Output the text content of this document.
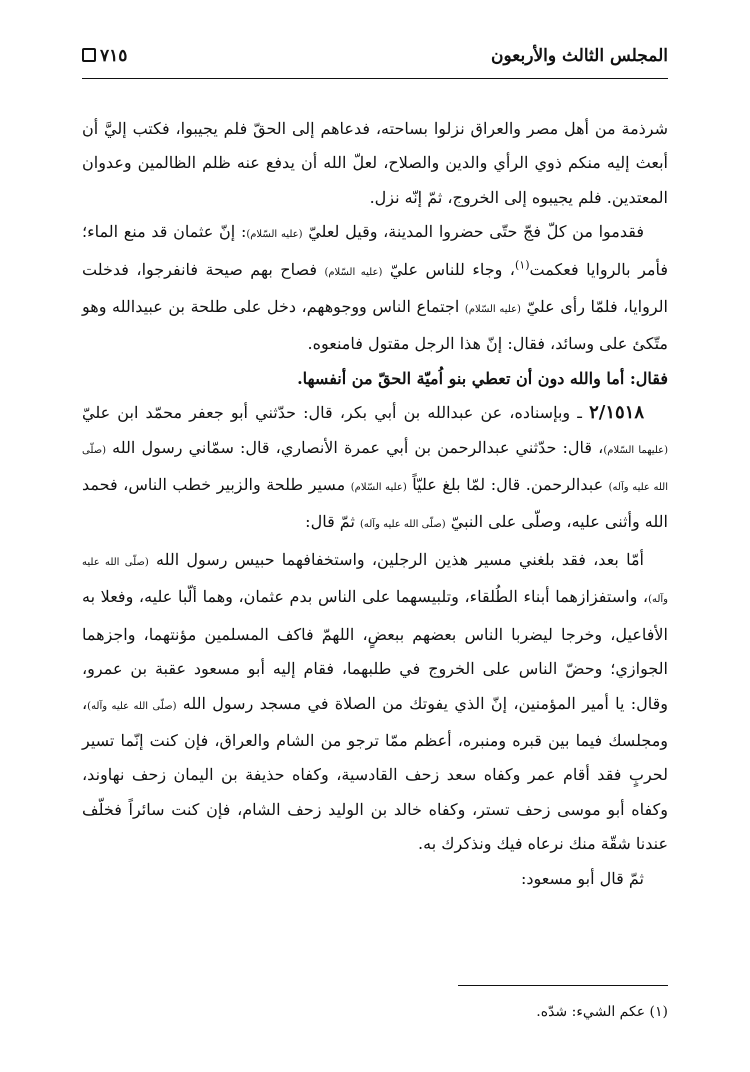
المجلس الثالث والأربعون
٧١٥

شرذمة من أهل مصر والعراق نزلوا بساحته، فدعاهم إلى الحقّ فلم يجيبوا، فكتب إليَّ أن أبعث إليه منكم ذوي الرأي والدين والصلاح، لعلّ الله أن يدفع عنه ظلم الظالمين وعدوان المعتدين. فلم يجيبوه إلى الخروج، ثمّ إنّه نزل.

فقدموا من كلّ فجّ حتّى حضروا المدينة، وقيل لعليّ (عليه السّلام): إنّ عثمان قد منع الماء؛ فأمر بالروايا فعكمت$^{(١)}$، وجاء للناس عليّ (عليه السّلام) فصاح بهم صيحة فانفرجوا، فدخلت الروايا، فلمّا رأى عليّ (عليه السّلام) اجتماع الناس ووجوههم، دخل على طلحة بن عبيدالله وهو متّكئ على وسائد، فقال: إنّ هذا الرجل مقتول فامنعوه.

فقال: أما والله دون أن تعطي بنو اُميّة الحقّ من أنفسها.

٢/١٥١٨ ـ وبإسناده، عن عبدالله بن أبي بكر، قال: حدّثني أبو جعفر محمّد ابن عليّ (عليهما السّلام)، قال: حدّثني عبدالرحمن بن أبي عمرة الأنصاري، قال: سمّاني رسول الله (صلّى الله عليه وآله) عبدالرحمن. قال: لمّا بلغ عليّاً (عليه السّلام) مسير طلحة والزبير خطب الناس، فحمد الله وأثنى عليه، وصلّى على النبيّ (صلّى الله عليه وآله) ثمّ قال:

أمّا بعد، فقد بلغني مسير هذين الرجلين، واستخفافهما حبيس رسول الله (صلّى الله عليه وآله)، واستفزازهما أبناء الطُلقاء، وتلبيسهما على الناس بدم عثمان، وهما ألّبا عليه، وفعلا به الأفاعيل، وخرجا ليضربا الناس بعضهم ببعضٍ، اللهمّ فاكف المسلمين مؤنتهما، واجزهما الجوازي؛ وحضّ الناس على الخروج في طلبهما، فقام إليه أبو مسعود عقبة بن عمرو، وقال: يا أمير المؤمنين، إنّ الذي يفوتك من الصلاة في مسجد رسول الله (صلّى الله عليه وآله)، ومجلسك فيما بين قبره ومنبره، أعظم ممّا ترجو من الشام والعراق، فإن كنت إنّما تسير لحربٍ فقد أقام عمر وكفاه سعد زحف القادسية، وكفاه حذيفة بن اليمان زحف نهاوند، وكفاه أبو موسى زحف تستر، وكفاه خالد بن الوليد زحف الشام، فإن كنت سائراً فخلّف عندنا شقّة منك نرعاه فيك ونذكرك به.

ثمّ قال أبو مسعود:

(١) عكم الشيء: شدّه.
